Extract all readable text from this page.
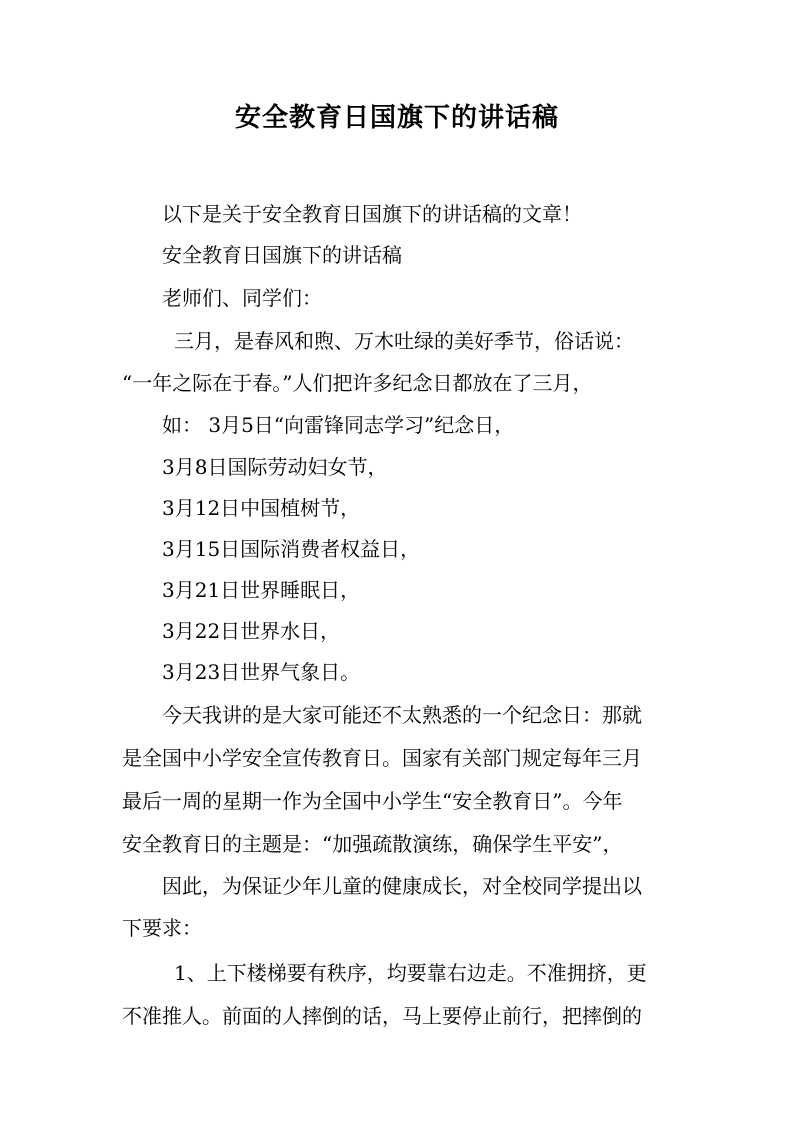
安全教育日国旗下的讲话稿

以下是关于安全教育日国旗下的讲话稿的文章！

安全教育日国旗下的讲话稿

老师们、同学们：

三月，是春风和煦、万木吐绿的美好季节，俗话说：

“一年之际在于春。”人们把许多纪念日都放在了三月，

如： 3月5日“向雷锋同志学习”纪念日，

3月8日国际劳动妇女节，

3月12日中国植树节，

3月15日国际消费者权益日，

3月21日世界睡眠日，

3月22日世界水日，

3月23日世界气象日。

今天我讲的是大家可能还不太熟悉的一个纪念日：那就

是全国中小学安全宣传教育日。国家有关部门规定每年三月

最后一周的星期一作为全国中小学生“安全教育日”。今年

安全教育日的主题是：“加强疏散演练，确保学生平安”，

因此，为保证少年儿童的健康成长，对全校同学提出以

下要求：

1、上下楼梯要有秩序，均要靠右边走。不准拥挤，更

不准推人。前面的人摔倒的话，马上要停止前行，把摔倒的
